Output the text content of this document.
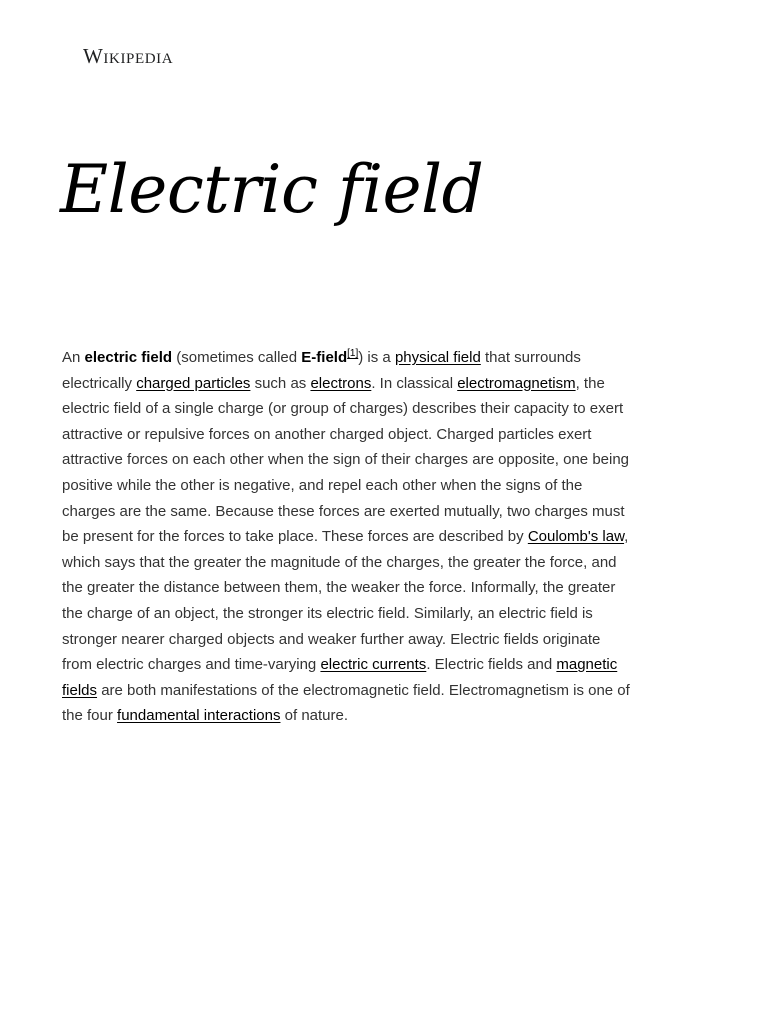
Wikipedia
Electric field

An electric field (sometimes called E-field[1]) is a physical field that surrounds electrically charged particles such as electrons. In classical electromagnetism, the electric field of a single charge (or group of charges) describes their capacity to exert attractive or repulsive forces on another charged object. Charged particles exert attractive forces on each other when the sign of their charges are opposite, one being positive while the other is negative, and repel each other when the signs of the charges are the same. Because these forces are exerted mutually, two charges must be present for the forces to take place. These forces are described by Coulomb's law, which says that the greater the magnitude of the charges, the greater the force, and the greater the distance between them, the weaker the force. Informally, the greater the charge of an object, the stronger its electric field. Similarly, an electric field is stronger nearer charged objects and weaker further away. Electric fields originate from electric charges and time-varying electric currents. Electric fields and magnetic fields are both manifestations of the electromagnetic field. Electromagnetism is one of the four fundamental interactions of nature.
